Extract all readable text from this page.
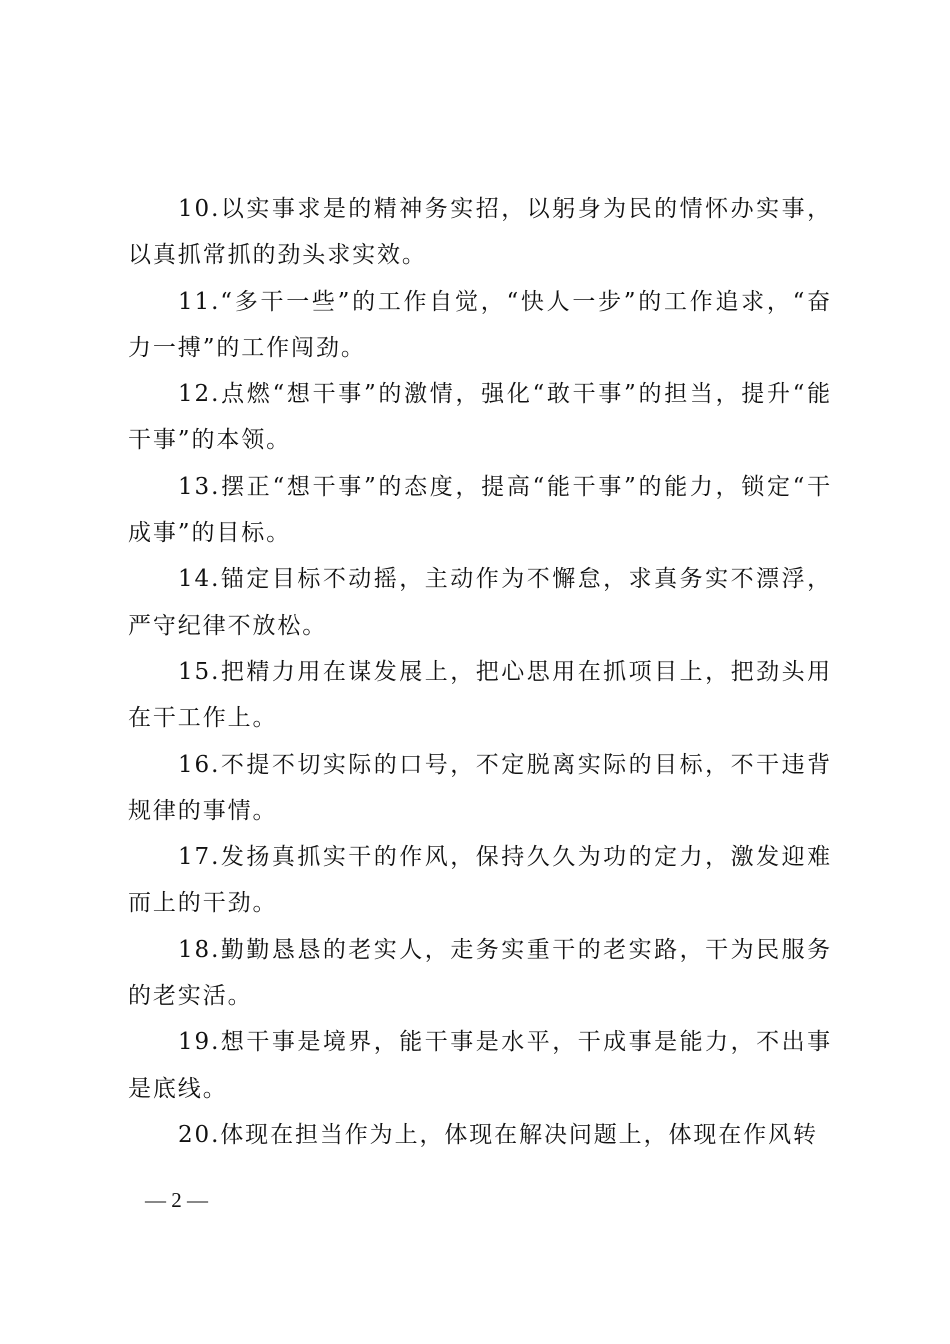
10.以实事求是的精神务实招，以躬身为民的情怀办实事，以真抓常抓的劲头求实效。

11.“多干一些”的工作自觉，“快人一步”的工作追求，“奋力一搏”的工作闯劲。

12.点燃“想干事”的激情，强化“敢干事”的担当，提升“能干事”的本领。

13.摆正“想干事”的态度，提高“能干事”的能力，锁定“干成事”的目标。

14.锚定目标不动摇，主动作为不懈怠，求真务实不漂浮，严守纪律不放松。

15.把精力用在谋发展上，把心思用在抓项目上，把劲头用在干工作上。

16.不提不切实际的口号，不定脱离实际的目标，不干违背规律的事情。

17.发扬真抓实干的作风，保持久久为功的定力，激发迎难而上的干劲。

18.勤勤恳恳的老实人，走务实重干的老实路，干为民服务的老实活。

19.想干事是境界，能干事是水平，干成事是能力，不出事是底线。

20.体现在担当作为上，体现在解决问题上，体现在作风转

— 2 —
